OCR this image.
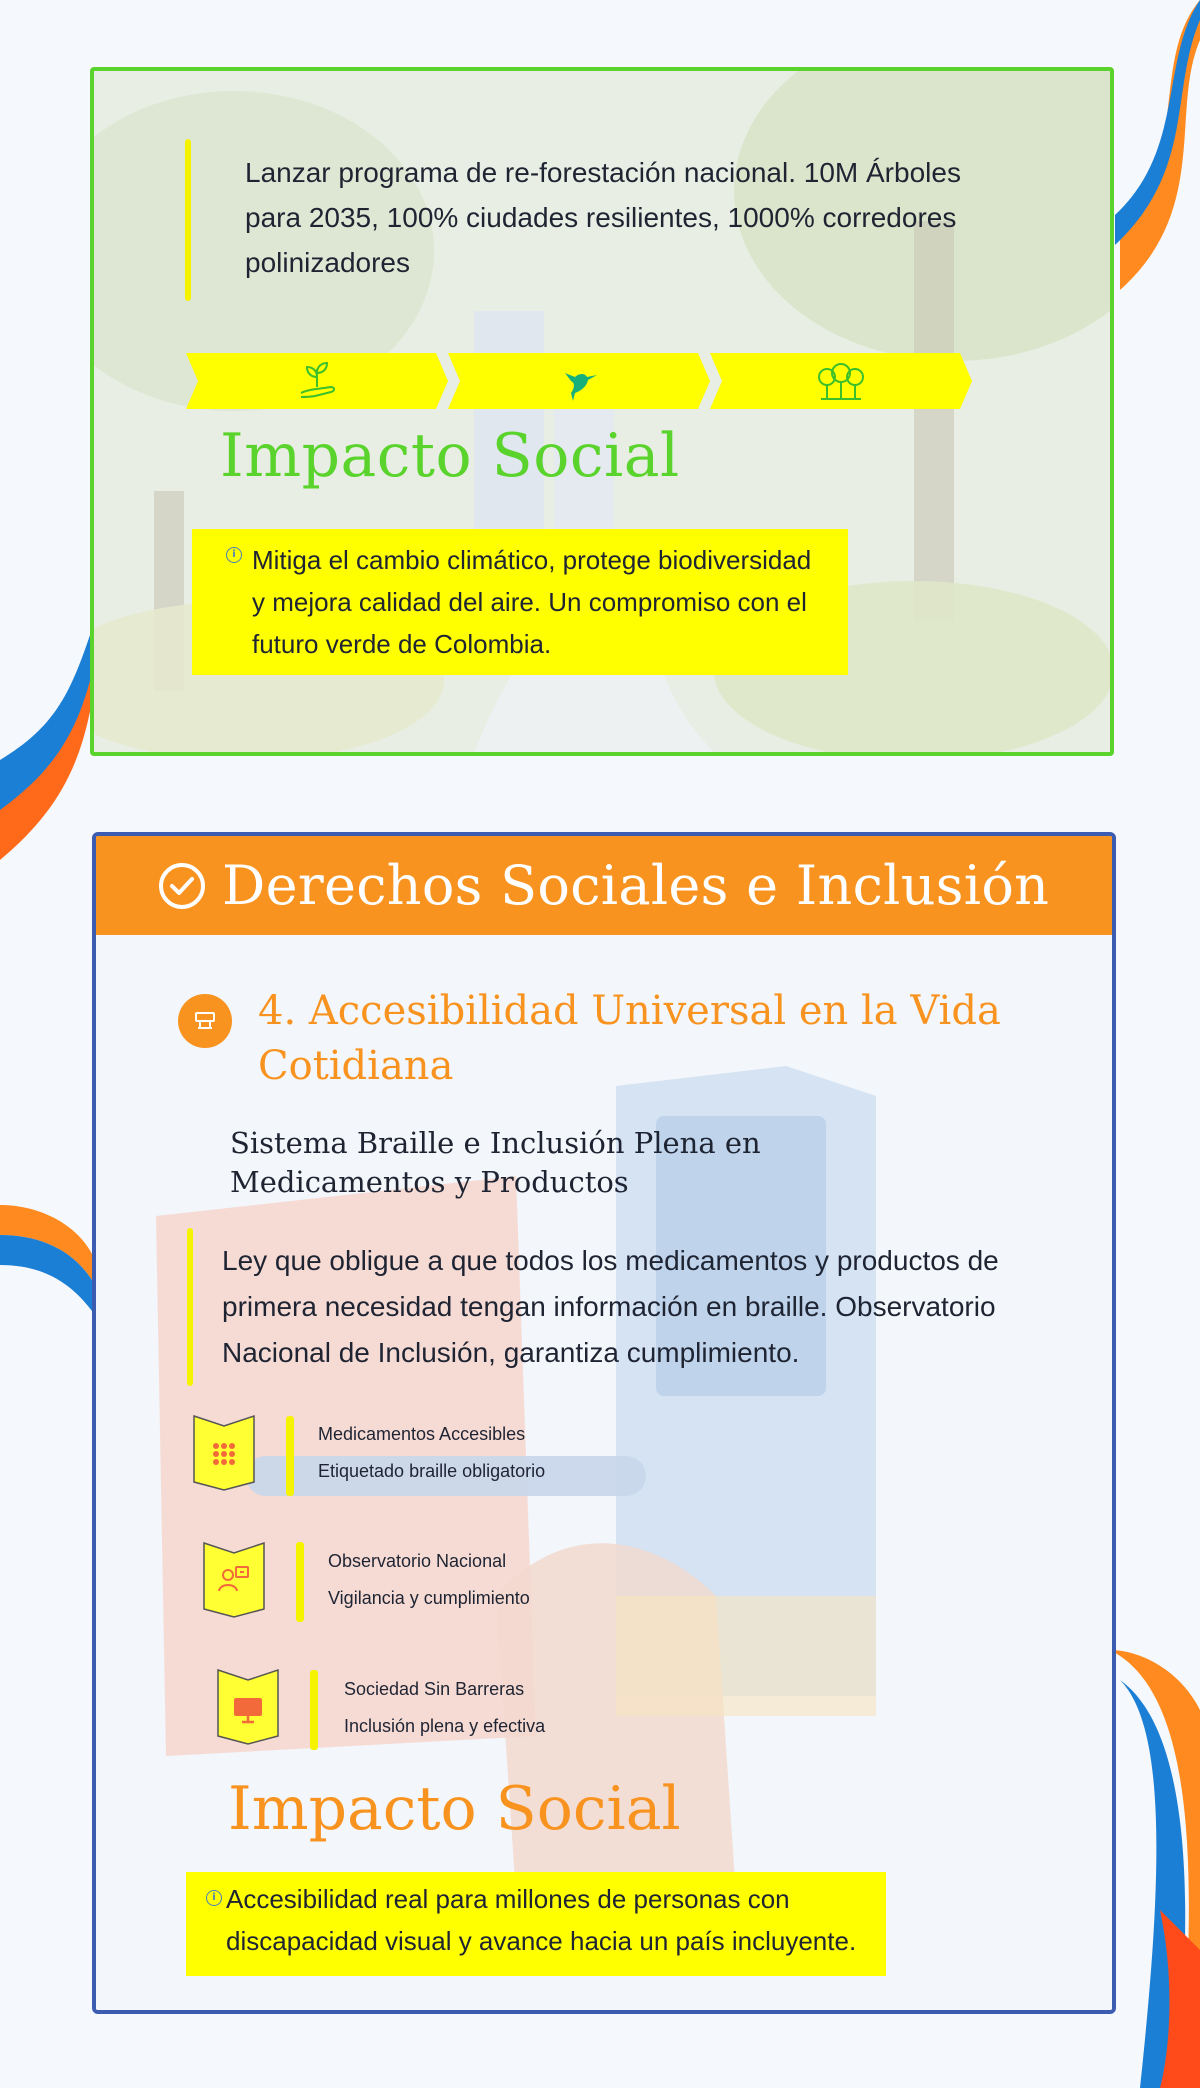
Lanzar programa de re-forestación nacional. 10M Árboles para 2035, 100% ciudades resilientes, 1000% corredores polinizadores
Impacto Social
i Mitiga el cambio climático, protege biodiversidad y mejora calidad del aire. Un compromiso con el futuro verde de Colombia.
Derechos Sociales e Inclusión
4. Accesibilidad Universal en la Vida Cotidiana
Sistema Braille e Inclusión Plena en Medicamentos y Productos
Ley que obligue a que todos los medicamentos y productos de primera necesidad tengan información en braille. Observatorio Nacional de Inclusión, garantiza cumplimiento.
Medicamentos Accesibles
Etiquetado braille obligatorio
Observatorio Nacional
Vigilancia y cumplimiento
Sociedad Sin Barreras
Inclusión plena y efectiva
Impacto Social
i Accesibilidad real para millones de personas con discapacidad visual y avance hacia un país incluyente.
